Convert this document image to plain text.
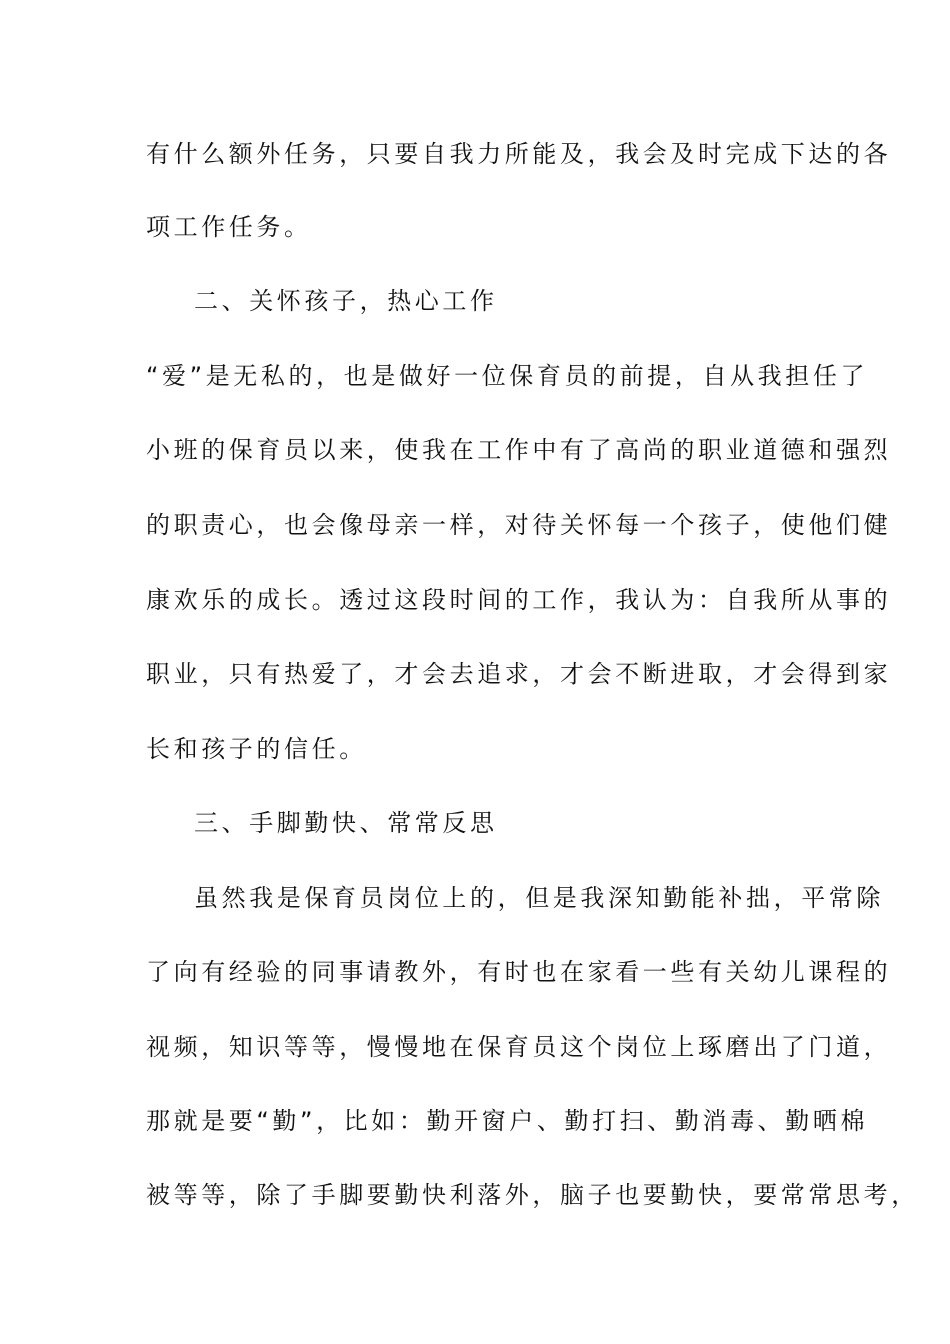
有什么额外任务，只要自我力所能及，我会及时完成下达的各
项工作任务。
二、关怀孩子，热心工作
“爱”是无私的，也是做好一位保育员的前提，自从我担任了
小班的保育员以来，使我在工作中有了高尚的职业道德和强烈
的职责心，也会像母亲一样，对待关怀每一个孩子，使他们健
康欢乐的成长。透过这段时间的工作，我认为：自我所从事的
职业，只有热爱了，才会去追求，才会不断进取，才会得到家
长和孩子的信任。
三、手脚勤快、常常反思
虽然我是保育员岗位上的，但是我深知勤能补拙，平常除
了向有经验的同事请教外，有时也在家看一些有关幼儿课程的
视频，知识等等，慢慢地在保育员这个岗位上琢磨出了门道，
那就是要“勤”，比如：勤开窗户、勤打扫、勤消毒、勤晒棉
被等等，除了手脚要勤快利落外，脑子也要勤快，要常常思考，
